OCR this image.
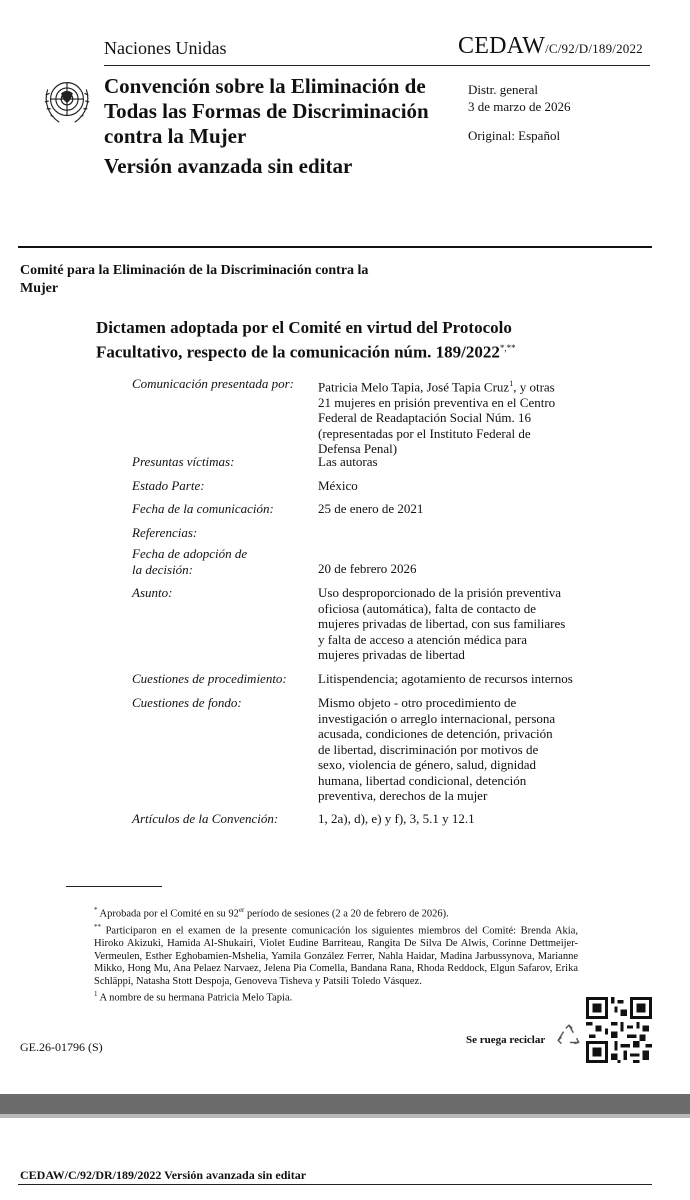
Naciones Unidas	CEDAW/C/92/D/189/2022
Convención sobre la Eliminación de Todas las Formas de Discriminación contra la Mujer
Versión avanzada sin editar
Distr. general
3 de marzo de 2026
Original: Español
Comité para la Eliminación de la Discriminación contra la Mujer
Dictamen adoptada por el Comité en virtud del Protocolo Facultativo, respecto de la comunicación núm. 189/2022*,**
Comunicación presentada por:	Patricia Melo Tapia, José Tapia Cruz$^1$, y otras 21 mujeres en prisión preventiva en el Centro Federal de Readaptación Social Núm. 16 (representadas por el Instituto Federal de Defensa Penal)
Presuntas víctimas:	Las autoras
Estado Parte:	México
Fecha de la comunicación:	25 de enero de 2021
Referencias:
Fecha de adopción de la decisión:	20 de febrero 2026
Asunto:	Uso desproporcionado de la prisión preventiva oficiosa (automática), falta de contacto de mujeres privadas de libertad, con sus familiares y falta de acceso a atención médica para mujeres privadas de libertad
Cuestiones de procedimiento:	Litispendencia; agotamiento de recursos internos
Cuestiones de fondo:	Mismo objeto - otro procedimiento de investigación o arreglo internacional, persona acusada, condiciones de detención, privación de libertad, discriminación por motivos de sexo, violencia de género, salud, dignidad humana, libertad condicional, detención preventiva, derechos de la mujer
Artículos de la Convención:	1, 2a), d), e) y f), 3, 5.1 y 12.1
* Aprobada por el Comité en su 92er período de sesiones (2 a 20 de febrero de 2026).
** Participaron en el examen de la presente comunicación los siguientes miembros del Comité: Brenda Akia, Hiroko Akizuki, Hamida Al-Shukairi, Violet Eudine Barriteau, Rangita De Silva De Alwis, Corinne Dettmeijer-Vermeulen, Esther Eghobamien-Mshelia, Yamila González Ferrer, Nahla Haidar, Madina Jarbussynova, Marianne Mikko, Hong Mu, Ana Pelaez Narvaez, Jelena Pia Comella, Bandana Rana, Rhoda Reddock, Elgun Safarov, Erika Schläppi, Natasha Stott Despoja, Genoveva Tisheva y Patsili Toledo Vásquez.
$^1$ A nombre de su hermana Patricia Melo Tapia.
GE.26-01796 (S)	Se ruega reciclar
CEDAW/C/92/DR/189/2022 Versión avanzada sin editar
